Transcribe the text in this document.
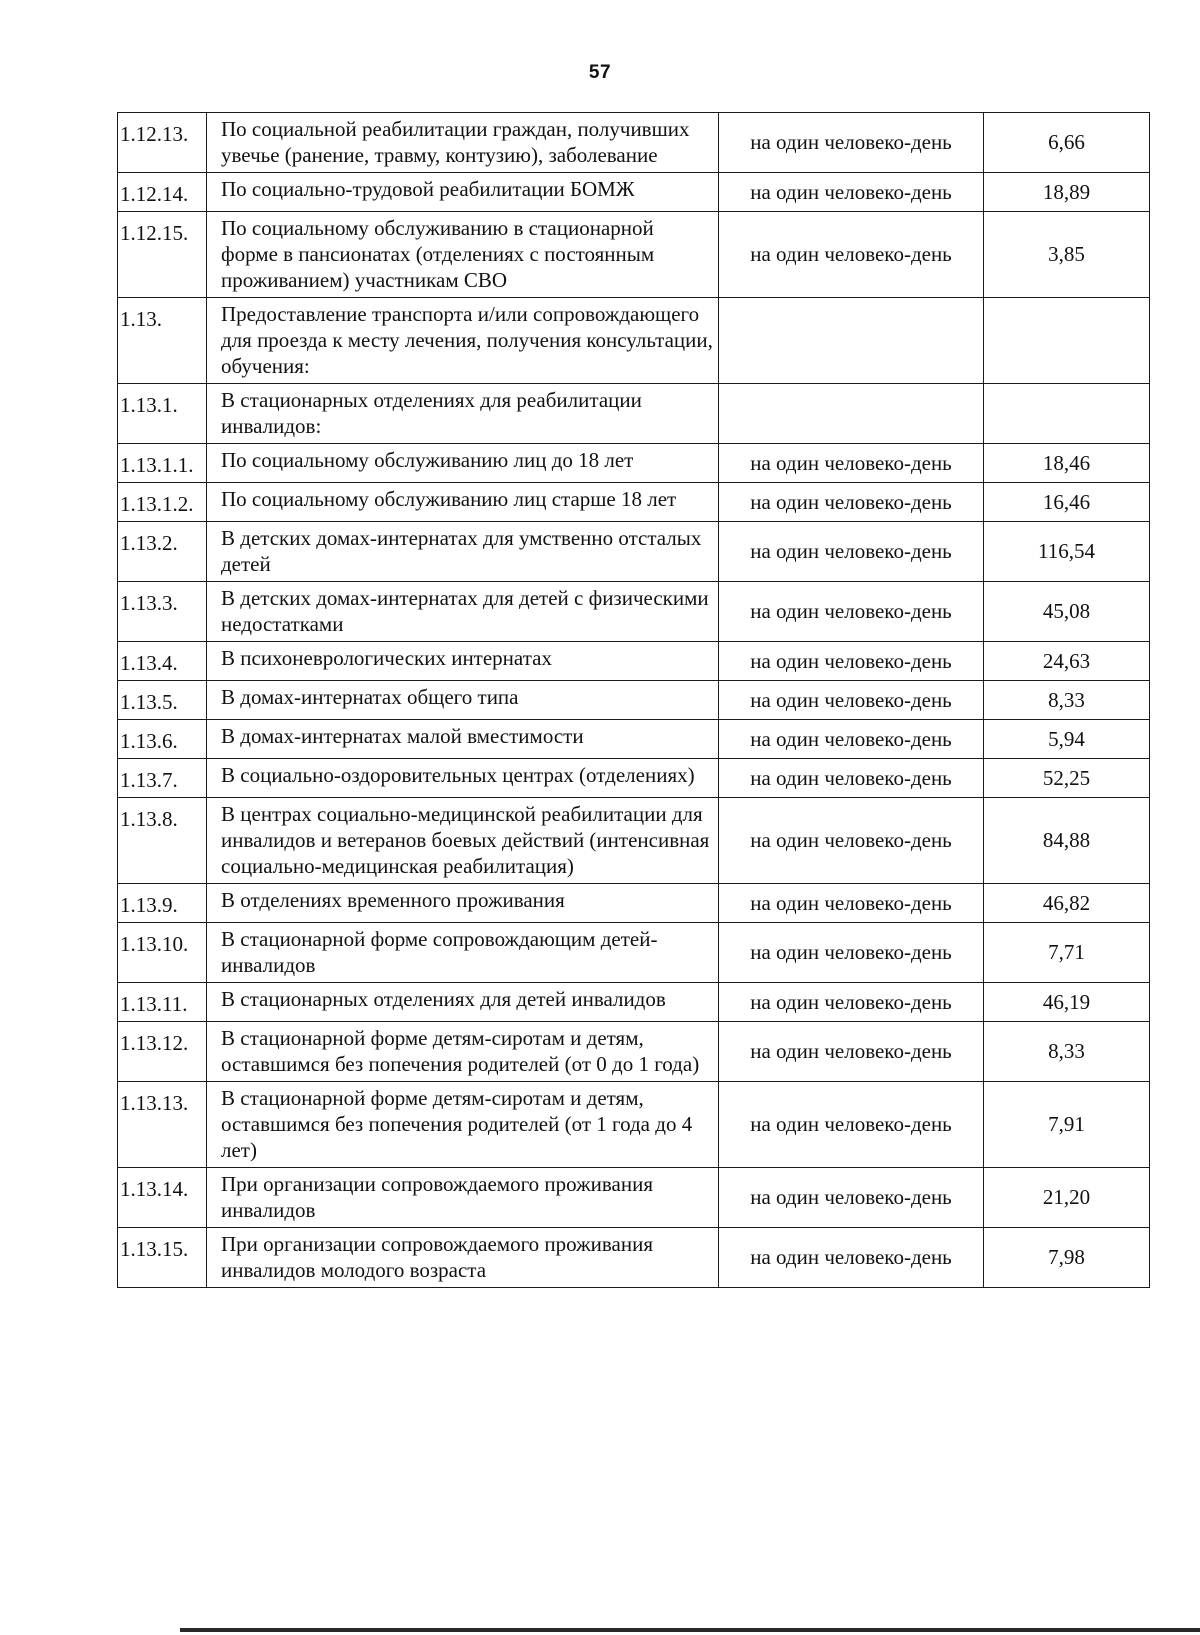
57
1.12.13.	По социальной реабилитации граждан, получивших увечье (ранение, травму, контузию), заболевание	на один человеко-день	6,66
1.12.14.	По социально-трудовой реабилитации БОМЖ	на один человеко-день	18,89
1.12.15.	По социальному обслуживанию в стационарной форме в пансионатах (отделениях с постоянным проживанием) участникам СВО	на один человеко-день	3,85
1.13.	Предоставление транспорта и/или сопровождающего для проезда к месту лечения, получения консультации, обучения:		
1.13.1.	В стационарных отделениях для реабилитации инвалидов:		
1.13.1.1.	По социальному обслуживанию лиц до 18 лет	на один человеко-день	18,46
1.13.1.2.	По социальному обслуживанию лиц старше 18 лет	на один человеко-день	16,46
1.13.2.	В детских домах-интернатах для умственно отсталых детей	на один человеко-день	116,54
1.13.3.	В детских домах-интернатах для детей с физическими недостатками	на один человеко-день	45,08
1.13.4.	В психоневрологических интернатах	на один человеко-день	24,63
1.13.5.	В домах-интернатах общего типа	на один человеко-день	8,33
1.13.6.	В домах-интернатах малой вместимости	на один человеко-день	5,94
1.13.7.	В социально-оздоровительных центрах (отделениях)	на один человеко-день	52,25
1.13.8.	В центрах социально-медицинской реабилитации для инвалидов и ветеранов боевых действий (интенсивная социально-медицинская реабилитация)	на один человеко-день	84,88
1.13.9.	В отделениях временного проживания	на один человеко-день	46,82
1.13.10.	В стационарной форме сопровождающим детей-инвалидов	на один человеко-день	7,71
1.13.11.	В стационарных отделениях для детей инвалидов	на один человеко-день	46,19
1.13.12.	В стационарной форме детям-сиротам и детям, оставшимся без попечения родителей (от 0 до 1 года)	на один человеко-день	8,33
1.13.13.	В стационарной форме детям-сиротам и детям, оставшимся без попечения родителей (от 1 года до 4 лет)	на один человеко-день	7,91
1.13.14.	При организации сопровождаемого проживания инвалидов	на один человеко-день	21,20
1.13.15.	При организации сопровождаемого проживания инвалидов молодого возраста	на один человеко-день	7,98
